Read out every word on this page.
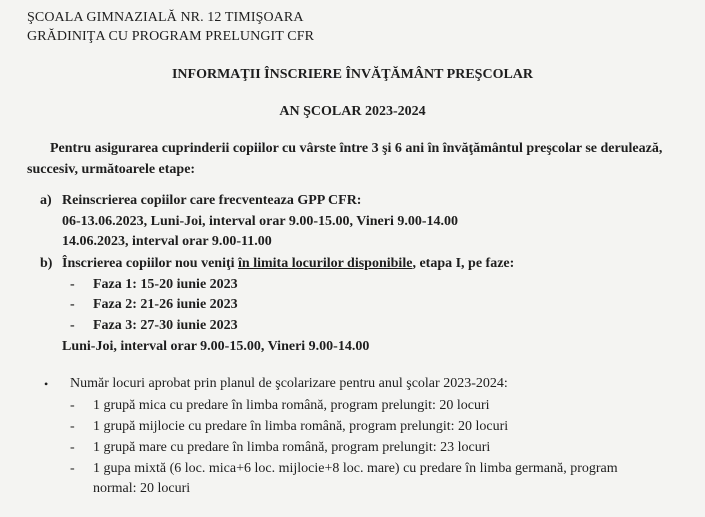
ŞCOALA GIMNAZIALĂ NR. 12 TIMIŞOARA
GRĂDINIŢA CU PROGRAM PRELUNGIT CFR
INFORMAŢII ÎNSCRIERE ÎNVĂŢĂMÂNT PREŞCOLAR
AN ŞCOLAR 2023-2024
Pentru asigurarea cuprinderii copiilor cu vârste între 3 şi 6 ani în învăţământul preşcolar se derulează, succesiv, următoarele etape:
a) Reinscrierea copiilor care frecventeaza GPP CFR:
06-13.06.2023, Luni-Joi, interval orar 9.00-15.00, Vineri 9.00-14.00
14.06.2023, interval orar 9.00-11.00
b) Înscrierea copiilor nou veniţi în limita locurilor disponibile, etapa I, pe faze:
- Faza 1: 15-20 iunie 2023
- Faza 2: 21-26 iunie 2023
- Faza 3: 27-30 iunie 2023
Luni-Joi, interval orar 9.00-15.00, Vineri 9.00-14.00
• Număr locuri aprobat prin planul de şcolarizare pentru anul şcolar 2023-2024:
- 1 grupă mica cu predare în limba română, program prelungit: 20 locuri
- 1 grupă mijlocie cu predare în limba română, program prelungit: 20 locuri
- 1 grupă mare cu predare în limba română, program prelungit: 23 locuri
- 1 gupa mixtă (6 loc. mica+6 loc. mijlocie+8 loc. mare) cu predare în limba germană, program
normal: 20 locuri
